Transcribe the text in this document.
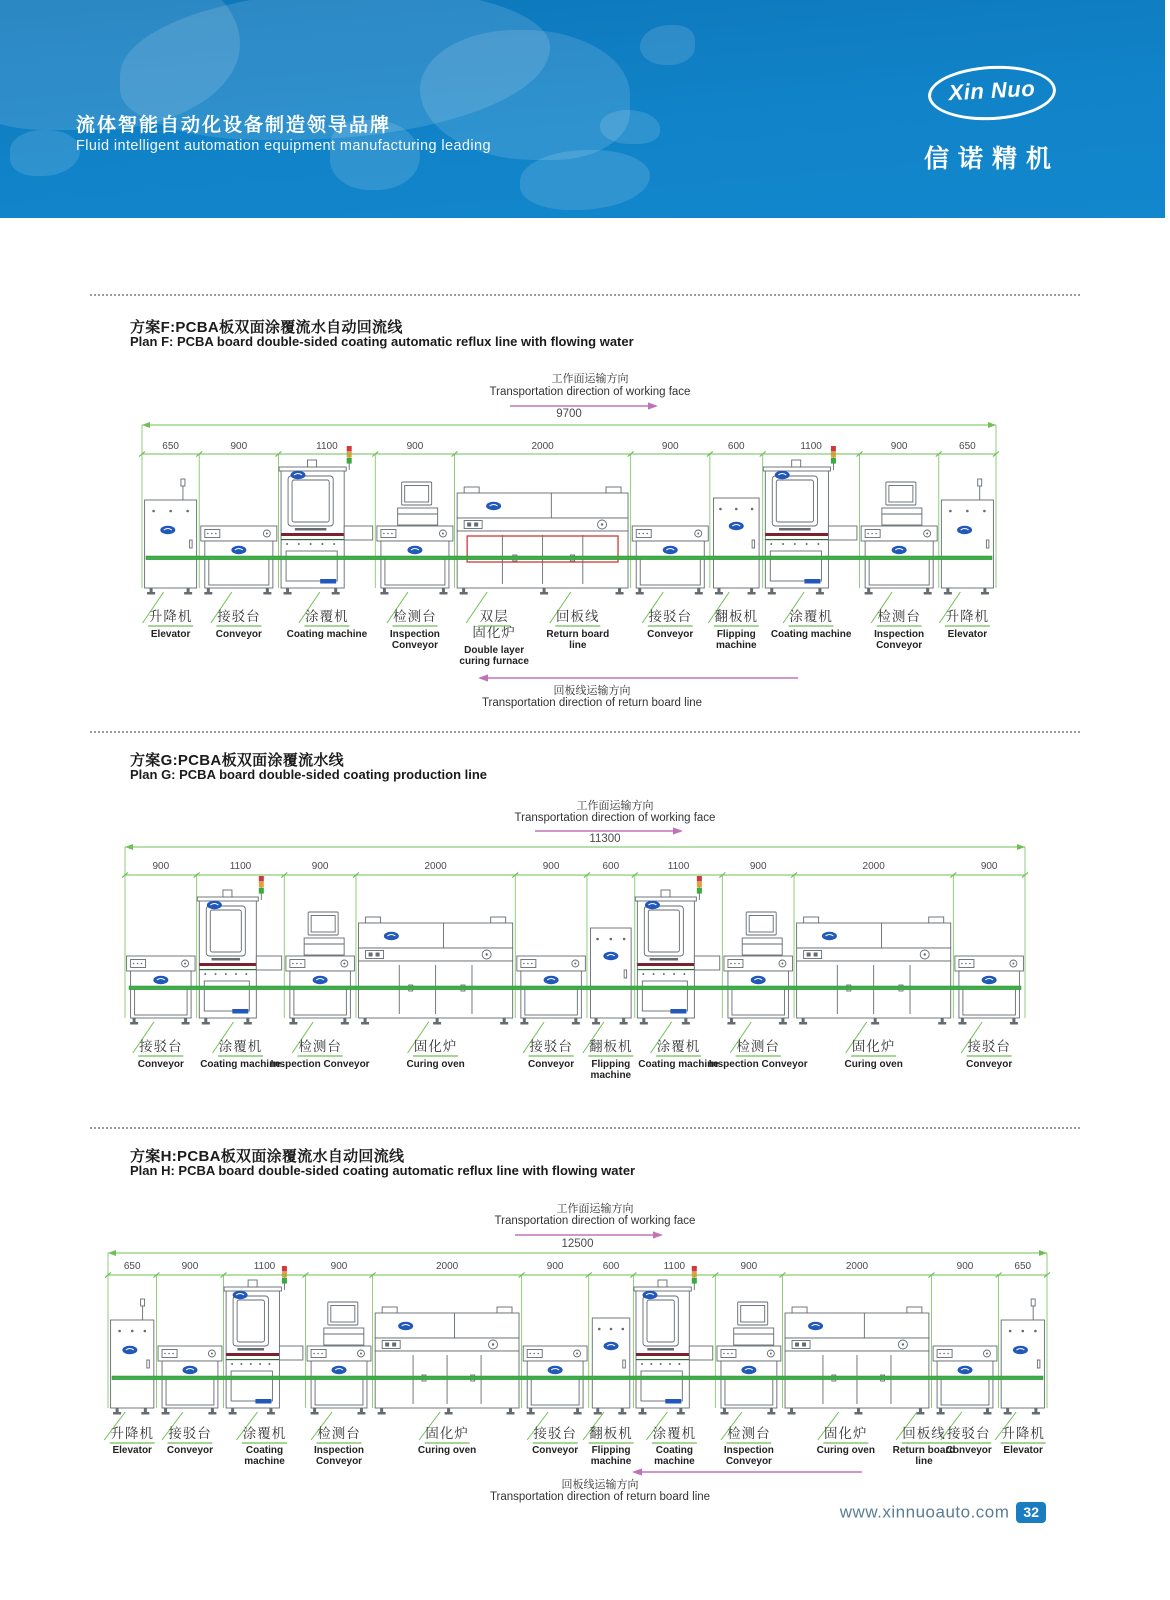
流体智能自动化设备制造领导品牌
Fluid intelligent automation equipment manufacturing leading
Xin Nuo
信诺精机
方案F:PCBA板双面涂覆流水自动回流线
Plan F: PCBA board double-sided coating automatic reflux line with flowing water
方案G:PCBA板双面涂覆流水线
Plan G: PCBA board double-sided coating production line
方案H:PCBA板双面涂覆流水自动回流线
Plan H: PCBA board double-sided coating automatic reflux line with flowing water
9700
650	900	1100	900	2000	900	600	1100	900	650
工作面运输方向
Transportation direction of working face
升降机
Elevator
接驳台
Conveyor
涂覆机
Coating machine
检测台
Inspection
Conveyor
双层
固化炉
Double layer
curing furnace
回板线
Return board
line
接驳台
Conveyor
翻板机
Flipping
machine
涂覆机
Coating machine
检测台
Inspection
Conveyor
升降机
Elevator
回板线运输方向
Transportation direction of return board line
11300
900	1100	900	2000	900	600	1100	900	2000	900
工作面运输方向
Transportation direction of working face
接驳台
Conveyor
涂覆机
Coating machine
检测台
Inspection Conveyor
固化炉
Curing oven
接驳台
Conveyor
翻板机
Flipping
machine
涂覆机
Coating machine
检测台
Inspection Conveyor
固化炉
Curing oven
接驳台
Conveyor
12500
650	900	1100	900	2000	900	600	1100	900	2000	900	650
工作面运输方向
Transportation direction of working face
升降机
Elevator
接驳台
Conveyor
涂覆机
Coating
machine
检测台
Inspection
Conveyor
固化炉
Curing oven
接驳台
Conveyor
翻板机
Flipping
machine
涂覆机
Coating
machine
检测台
Inspection
Conveyor
固化炉
Curing oven
回板线
Return board
line
接驳台
Conveyor
升降机
Elevator
回板线运输方向
Transportation direction of return board line
www.xinnuoauto.com 32
